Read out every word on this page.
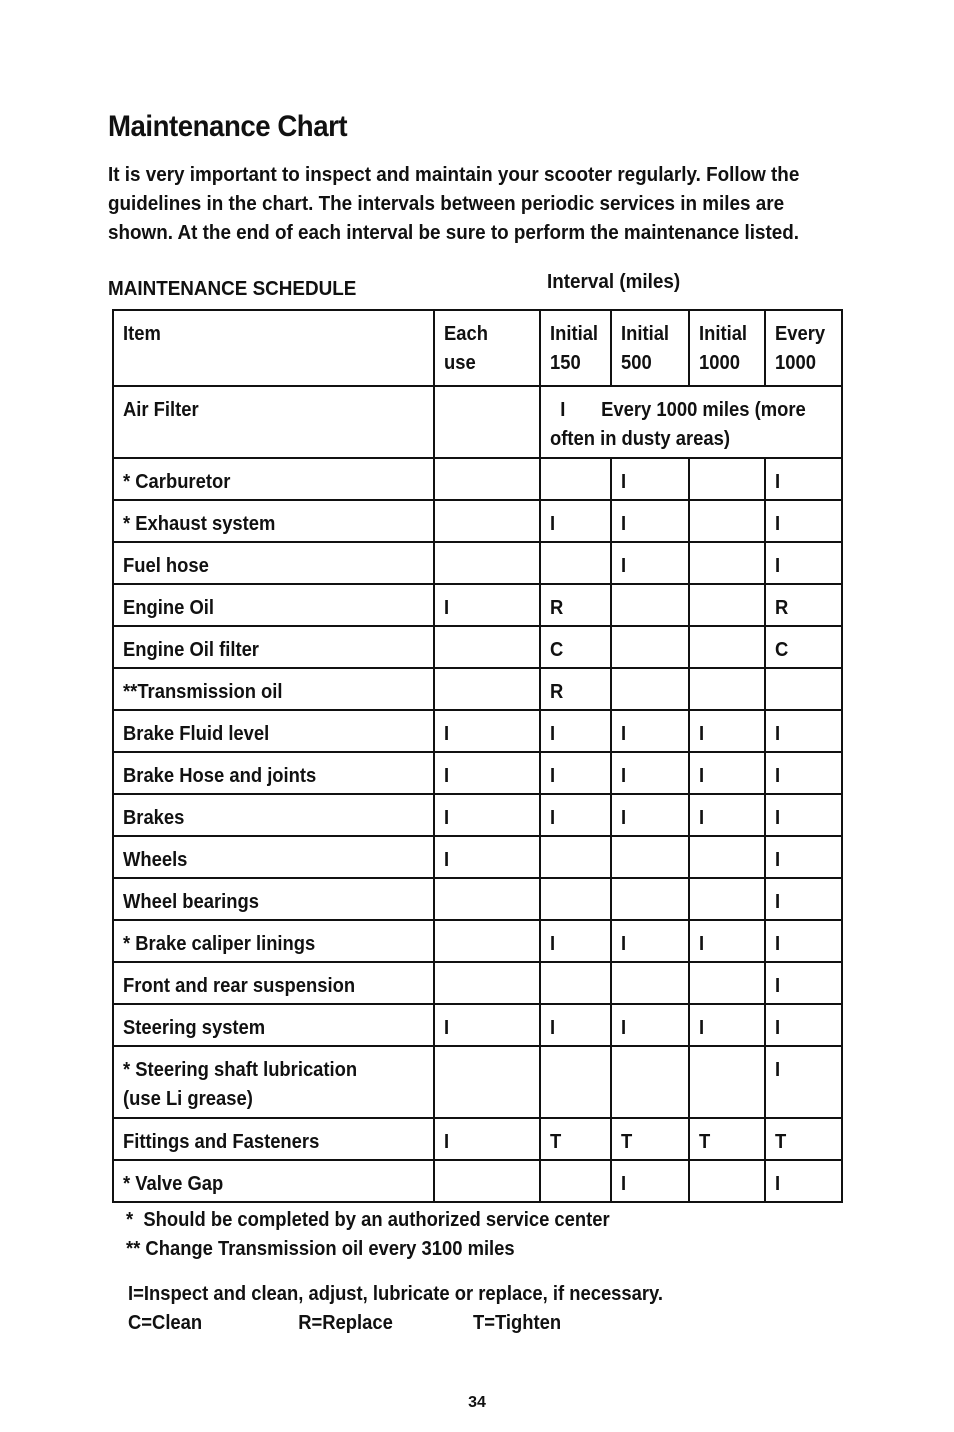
Maintenance Chart
It is very important to inspect and maintain your scooter regularly. Follow the guidelines in the chart. The intervals between periodic services in miles are shown. At the end of each interval be sure to perform the maintenance listed.
MAINTENANCE SCHEDULE	Interval (miles)
Item	Each use	Initial 150	Initial 500	Initial 1000	Every 1000
Air Filter		I Every 1000 miles (more often in dusty areas)			
* Carburetor			I		I
* Exhaust system		I	I		I
Fuel hose			I		I
Engine Oil	I	R			R
Engine Oil filter		C			C
**Transmission oil		R			
Brake Fluid level	I	I	I	I	I
Brake Hose and joints	I	I	I	I	I
Brakes	I	I	I	I	I
Wheels	I				I
Wheel bearings					I
* Brake caliper linings		I	I	I	I
Front and rear suspension					I
Steering system	I	I	I	I	I
* Steering shaft lubrication (use Li grease)					I
Fittings and Fasteners	I	T	T	T	T
* Valve Gap			I		I
*  Should be completed by an authorized service center
** Change Transmission oil every 3100 miles
I=Inspect and clean, adjust, lubricate or replace, if necessary.
C=Clean	R=Replace	T=Tighten
34
